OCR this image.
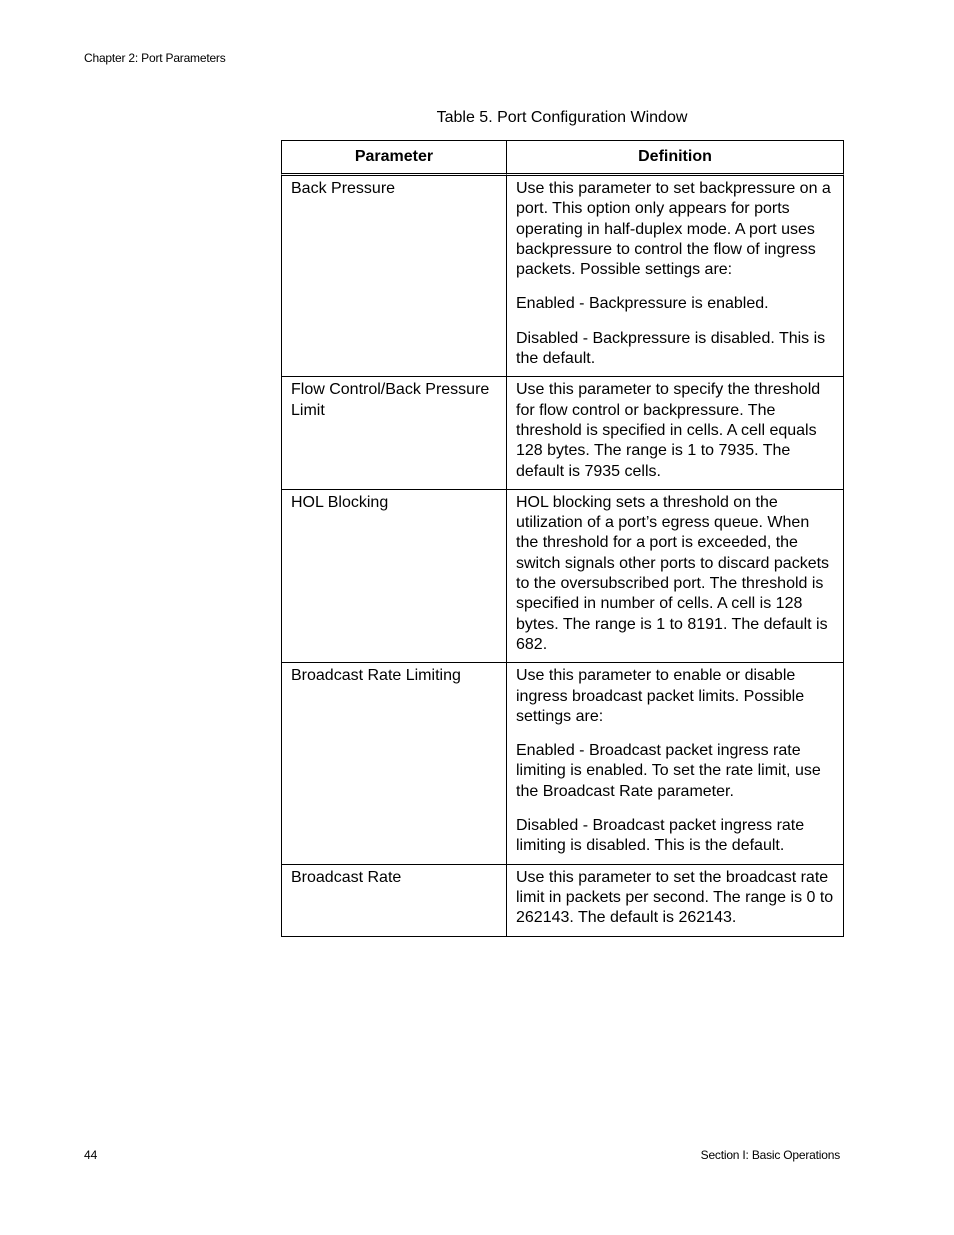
Chapter 2: Port Parameters
Table 5. Port Configuration Window
Parameter	Definition
Back Pressure	Use this parameter to set backpressure on a port. This option only appears for ports operating in half-duplex mode. A port uses backpressure to control the flow of ingress packets. Possible settings are:

Enabled - Backpressure is enabled.

Disabled - Backpressure is disabled. This is the default.

Flow Control/Back Pressure Limit	Use this parameter to specify the threshold for flow control or backpressure. The threshold is specified in cells. A cell equals 128 bytes. The range is 1 to 7935. The default is 7935 cells.

HOL Blocking	HOL blocking sets a threshold on the utilization of a port’s egress queue. When the threshold for a port is exceeded, the switch signals other ports to discard packets to the oversubscribed port. The threshold is specified in number of cells. A cell is 128 bytes. The range is 1 to 8191. The default is 682.

Broadcast Rate Limiting	Use this parameter to enable or disable ingress broadcast packet limits. Possible settings are:

Enabled - Broadcast packet ingress rate limiting is enabled. To set the rate limit, use the Broadcast Rate parameter.

Disabled - Broadcast packet ingress rate limiting is disabled. This is the default.

Broadcast Rate	Use this parameter to set the broadcast rate limit in packets per second. The range is 0 to 262143. The default is 262143.

44	Section I: Basic Operations
